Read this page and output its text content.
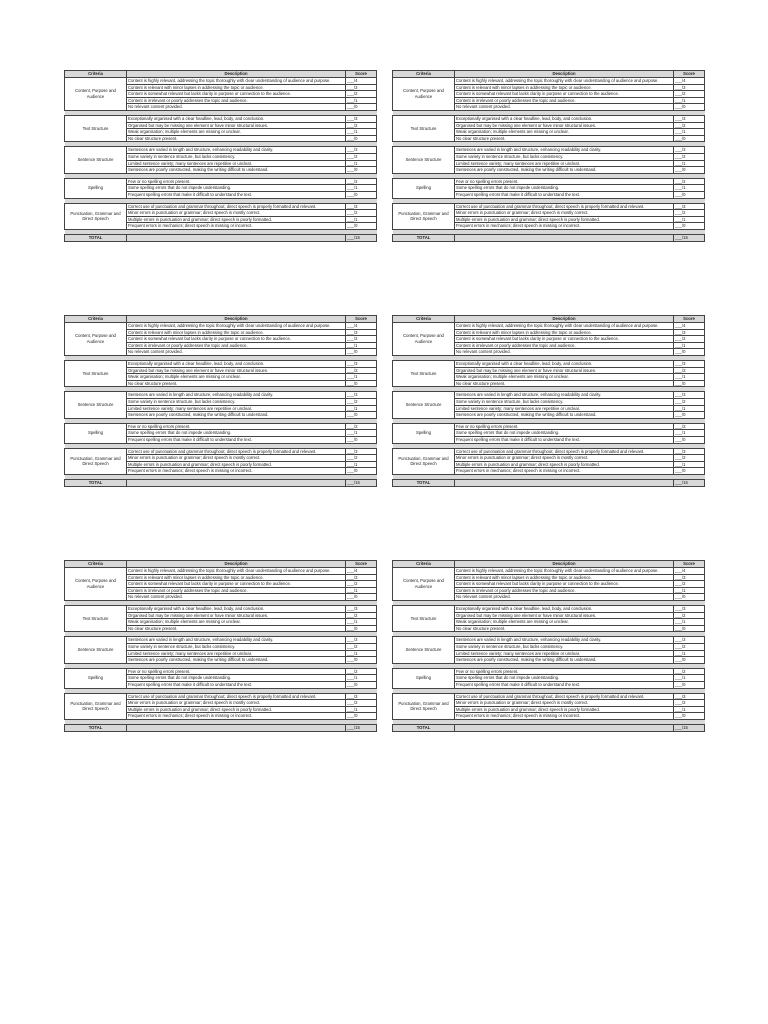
Criteria	Description	Score
Content, Purpose and Audience	Content is highly relevant, addressing the topic thoroughly with clear understanding of audience and purpose.	___/4
	Content is relevant with minor lapses in addressing the topic or audience.	___/3
	Content is somewhat relevant but lacks clarity in purpose or connection to the audience.	___/2
	Content is irrelevant or poorly addresses the topic and audience.	___/1
	No relevant content provided.	___/0

Text Structure	Exceptionally organised with a clear headline, lead, body, and conclusion.	___/3
	Organised but may be missing one element or have minor structural issues.	___/2
	Weak organisation; multiple elements are missing or unclear.	___/1
	No clear structure present.	___/0

Sentence Structure	Sentences are varied in length and structure, enhancing readability and clarity.	___/3
	Some variety in sentence structure, but lacks consistency.	___/2
	Limited sentence variety; many sentences are repetitive or unclear.	___/1
	Sentences are poorly constructed, making the writing difficult to understand.	___/0

Spelling	Few or no spelling errors present.	___/2
	Some spelling errors that do not impede understanding.	___/1
	Frequent spelling errors that make it difficult to understand the text.	___/0

Punctuation, Grammar and Direct Speech	Correct use of punctuation and grammar throughout; direct speech is properly formatted and relevant.	___/3
	Minor errors in punctuation or grammar; direct speech is mostly correct.	___/2
	Multiple errors in punctuation and grammar; direct speech is poorly formatted.	___/1
	Frequent errors in mechanics; direct speech is missing or incorrect.	___/0

TOTAL		___/15
Criteria	Description	Score
Content, Purpose and Audience	Content is highly relevant, addressing the topic thoroughly with clear understanding of audience and purpose.	___/4
	Content is relevant with minor lapses in addressing the topic or audience.	___/3
	Content is somewhat relevant but lacks clarity in purpose or connection to the audience.	___/2
	Content is irrelevant or poorly addresses the topic and audience.	___/1
	No relevant content provided.	___/0

Text Structure	Exceptionally organised with a clear headline, lead, body, and conclusion.	___/3
	Organised but may be missing one element or have minor structural issues.	___/2
	Weak organisation; multiple elements are missing or unclear.	___/1
	No clear structure present.	___/0

Sentence Structure	Sentences are varied in length and structure, enhancing readability and clarity.	___/3
	Some variety in sentence structure, but lacks consistency.	___/2
	Limited sentence variety; many sentences are repetitive or unclear.	___/1
	Sentences are poorly constructed, making the writing difficult to understand.	___/0

Spelling	Few or no spelling errors present.	___/2
	Some spelling errors that do not impede understanding.	___/1
	Frequent spelling errors that make it difficult to understand the text.	___/0

Punctuation, Grammar and Direct Speech	Correct use of punctuation and grammar throughout; direct speech is properly formatted and relevant.	___/3
	Minor errors in punctuation or grammar; direct speech is mostly correct.	___/2
	Multiple errors in punctuation and grammar; direct speech is poorly formatted.	___/1
	Frequent errors in mechanics; direct speech is missing or incorrect.	___/0

TOTAL		___/15
Criteria	Description	Score
Content, Purpose and Audience	Content is highly relevant, addressing the topic thoroughly with clear understanding of audience and purpose.	___/4
	Content is relevant with minor lapses in addressing the topic or audience.	___/3
	Content is somewhat relevant but lacks clarity in purpose or connection to the audience.	___/2
	Content is irrelevant or poorly addresses the topic and audience.	___/1
	No relevant content provided.	___/0

Text Structure	Exceptionally organised with a clear headline, lead, body, and conclusion.	___/3
	Organised but may be missing one element or have minor structural issues.	___/2
	Weak organisation; multiple elements are missing or unclear.	___/1
	No clear structure present.	___/0

Sentence Structure	Sentences are varied in length and structure, enhancing readability and clarity.	___/3
	Some variety in sentence structure, but lacks consistency.	___/2
	Limited sentence variety; many sentences are repetitive or unclear.	___/1
	Sentences are poorly constructed, making the writing difficult to understand.	___/0

Spelling	Few or no spelling errors present.	___/2
	Some spelling errors that do not impede understanding.	___/1
	Frequent spelling errors that make it difficult to understand the text.	___/0

Punctuation, Grammar and Direct Speech	Correct use of punctuation and grammar throughout; direct speech is properly formatted and relevant.	___/3
	Minor errors in punctuation or grammar; direct speech is mostly correct.	___/2
	Multiple errors in punctuation and grammar; direct speech is poorly formatted.	___/1
	Frequent errors in mechanics; direct speech is missing or incorrect.	___/0

TOTAL		___/15
Criteria	Description	Score
Content, Purpose and Audience	Content is highly relevant, addressing the topic thoroughly with clear understanding of audience and purpose.	___/4
	Content is relevant with minor lapses in addressing the topic or audience.	___/3
	Content is somewhat relevant but lacks clarity in purpose or connection to the audience.	___/2
	Content is irrelevant or poorly addresses the topic and audience.	___/1
	No relevant content provided.	___/0

Text Structure	Exceptionally organised with a clear headline, lead, body, and conclusion.	___/3
	Organised but may be missing one element or have minor structural issues.	___/2
	Weak organisation; multiple elements are missing or unclear.	___/1
	No clear structure present.	___/0

Sentence Structure	Sentences are varied in length and structure, enhancing readability and clarity.	___/3
	Some variety in sentence structure, but lacks consistency.	___/2
	Limited sentence variety; many sentences are repetitive or unclear.	___/1
	Sentences are poorly constructed, making the writing difficult to understand.	___/0

Spelling	Few or no spelling errors present.	___/2
	Some spelling errors that do not impede understanding.	___/1
	Frequent spelling errors that make it difficult to understand the text.	___/0

Punctuation, Grammar and Direct Speech	Correct use of punctuation and grammar throughout; direct speech is properly formatted and relevant.	___/3
	Minor errors in punctuation or grammar; direct speech is mostly correct.	___/2
	Multiple errors in punctuation and grammar; direct speech is poorly formatted.	___/1
	Frequent errors in mechanics; direct speech is missing or incorrect.	___/0

TOTAL		___/15
Criteria	Description	Score
Content, Purpose and Audience	Content is highly relevant, addressing the topic thoroughly with clear understanding of audience and purpose.	___/4
	Content is relevant with minor lapses in addressing the topic or audience.	___/3
	Content is somewhat relevant but lacks clarity in purpose or connection to the audience.	___/2
	Content is irrelevant or poorly addresses the topic and audience.	___/1
	No relevant content provided.	___/0

Text Structure	Exceptionally organised with a clear headline, lead, body, and conclusion.	___/3
	Organised but may be missing one element or have minor structural issues.	___/2
	Weak organisation; multiple elements are missing or unclear.	___/1
	No clear structure present.	___/0

Sentence Structure	Sentences are varied in length and structure, enhancing readability and clarity.	___/3
	Some variety in sentence structure, but lacks consistency.	___/2
	Limited sentence variety; many sentences are repetitive or unclear.	___/1
	Sentences are poorly constructed, making the writing difficult to understand.	___/0

Spelling	Few or no spelling errors present.	___/2
	Some spelling errors that do not impede understanding.	___/1
	Frequent spelling errors that make it difficult to understand the text.	___/0

Punctuation, Grammar and Direct Speech	Correct use of punctuation and grammar throughout; direct speech is properly formatted and relevant.	___/3
	Minor errors in punctuation or grammar; direct speech is mostly correct.	___/2
	Multiple errors in punctuation and grammar; direct speech is poorly formatted.	___/1
	Frequent errors in mechanics; direct speech is missing or incorrect.	___/0

TOTAL		___/15
Criteria	Description	Score
Content, Purpose and Audience	Content is highly relevant, addressing the topic thoroughly with clear understanding of audience and purpose.	___/4
	Content is relevant with minor lapses in addressing the topic or audience.	___/3
	Content is somewhat relevant but lacks clarity in purpose or connection to the audience.	___/2
	Content is irrelevant or poorly addresses the topic and audience.	___/1
	No relevant content provided.	___/0

Text Structure	Exceptionally organised with a clear headline, lead, body, and conclusion.	___/3
	Organised but may be missing one element or have minor structural issues.	___/2
	Weak organisation; multiple elements are missing or unclear.	___/1
	No clear structure present.	___/0

Sentence Structure	Sentences are varied in length and structure, enhancing readability and clarity.	___/3
	Some variety in sentence structure, but lacks consistency.	___/2
	Limited sentence variety; many sentences are repetitive or unclear.	___/1
	Sentences are poorly constructed, making the writing difficult to understand.	___/0

Spelling	Few or no spelling errors present.	___/2
	Some spelling errors that do not impede understanding.	___/1
	Frequent spelling errors that make it difficult to understand the text.	___/0

Punctuation, Grammar and Direct Speech	Correct use of punctuation and grammar throughout; direct speech is properly formatted and relevant.	___/3
	Minor errors in punctuation or grammar; direct speech is mostly correct.	___/2
	Multiple errors in punctuation and grammar; direct speech is poorly formatted.	___/1
	Frequent errors in mechanics; direct speech is missing or incorrect.	___/0

TOTAL		___/15
